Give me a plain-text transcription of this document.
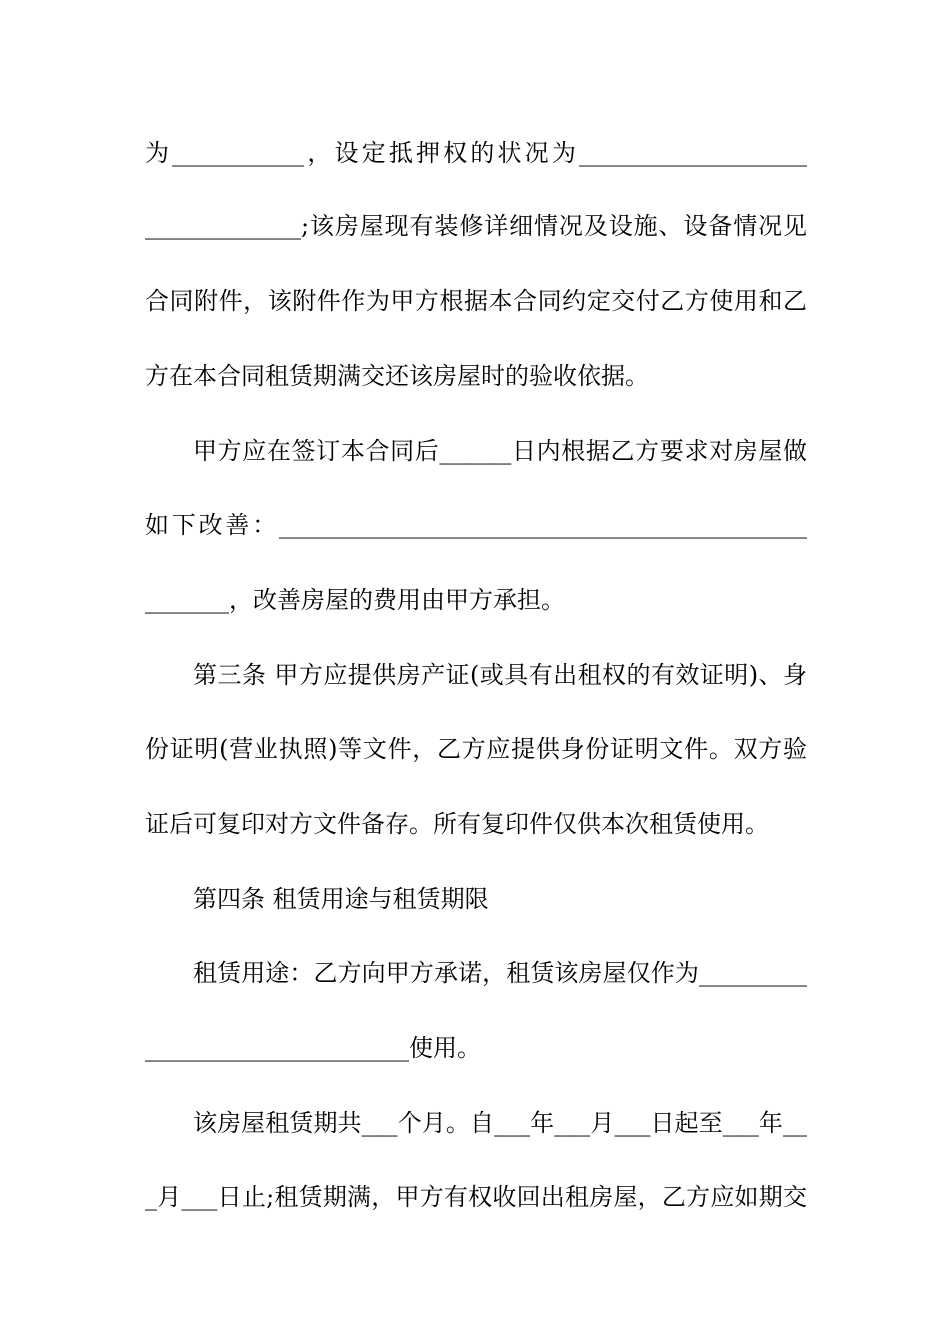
为___________，设定抵押权的状况为___________________
_____________;该房屋现有装修详细情况及设施、设备情况见
合同附件，该附件作为甲方根据本合同约定交付乙方使用和乙
方在本合同租赁期满交还该房屋时的验收依据。
甲方应在签订本合同后______日内根据乙方要求对房屋做
如下改善：____________________________________________
_______，改善房屋的费用由甲方承担。
第三条 甲方应提供房产证(或具有出租权的有效证明)、身
份证明(营业执照)等文件，乙方应提供身份证明文件。双方验
证后可复印对方文件备存。所有复印件仅供本次租赁使用。
第四条 租赁用途与租赁期限
租赁用途：乙方向甲方承诺，租赁该房屋仅作为_________
______________________使用。
该房屋租赁期共___个月。自___年___月___日起至___年__
_月___日止;租赁期满，甲方有权收回出租房屋，乙方应如期交
